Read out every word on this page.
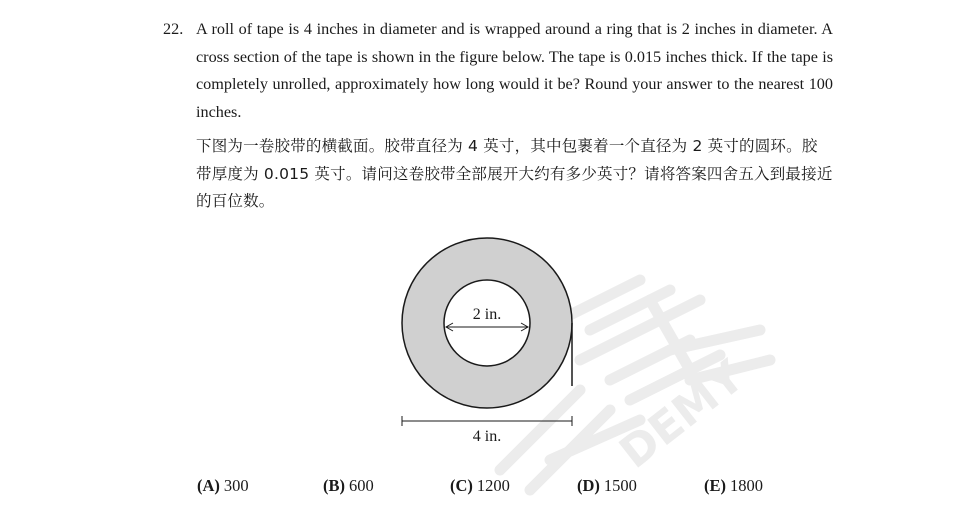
DEMY
22. A roll of tape is 4 inches in diameter and is wrapped around a ring that is 2 inches in diameter. A cross section of the tape is shown in the figure below. The tape is 0.015 inches thick. If the tape is completely unrolled, approximately how long would it be? Round your answer to the nearest 100 inches.
下图为一卷胶带的横截面。胶带直径为 4 英寸，其中包裹着一个直径为 2 英寸的圆环。胶带厚度为 0.015 英寸。请问这卷胶带全部展开大约有多少英寸？请将答案四舍五入到最接近的百位数。
2 in.
4 in.
(A) 300	(B) 600	(C) 1200	(D) 1500	(E) 1800
